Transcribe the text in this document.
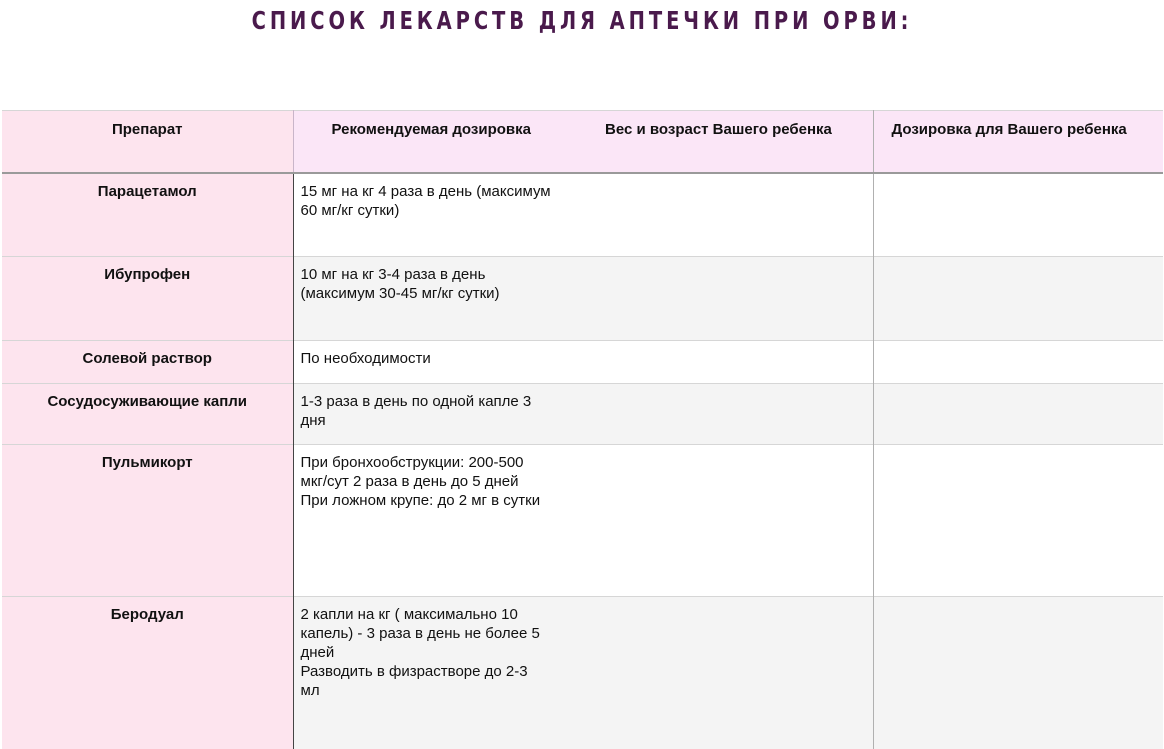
СПИСОК ЛЕКАРСТВ ДЛЯ АПТЕЧКИ ПРИ ОРВИ:
Препарат	Рекомендуемая дозировка	Вес и возраст Вашего ребенка	Дозировка для Вашего ребенка
Парацетамол	15 мг на кг 4 раза в день (максимум
60 мг/кг сутки)		

Ибупрофен	10 мг на кг 3-4 раза в день
(максимум 30-45 мг/кг сутки)		

Солевой раствор	По необходимости		

Сосудосуживающие капли	1-3 раза в день по одной капле 3
дня		

Пульмикорт	При бронхообструкции: 200-500
мкг/сут 2 раза в день до 5 дней
При ложном крупе: до 2 мг в сутки		

Беродуал	2 капли на кг ( максимально 10
капель) - 3 раза в день не более 5
дней
Разводить в физрастворе до 2-3
мл		
